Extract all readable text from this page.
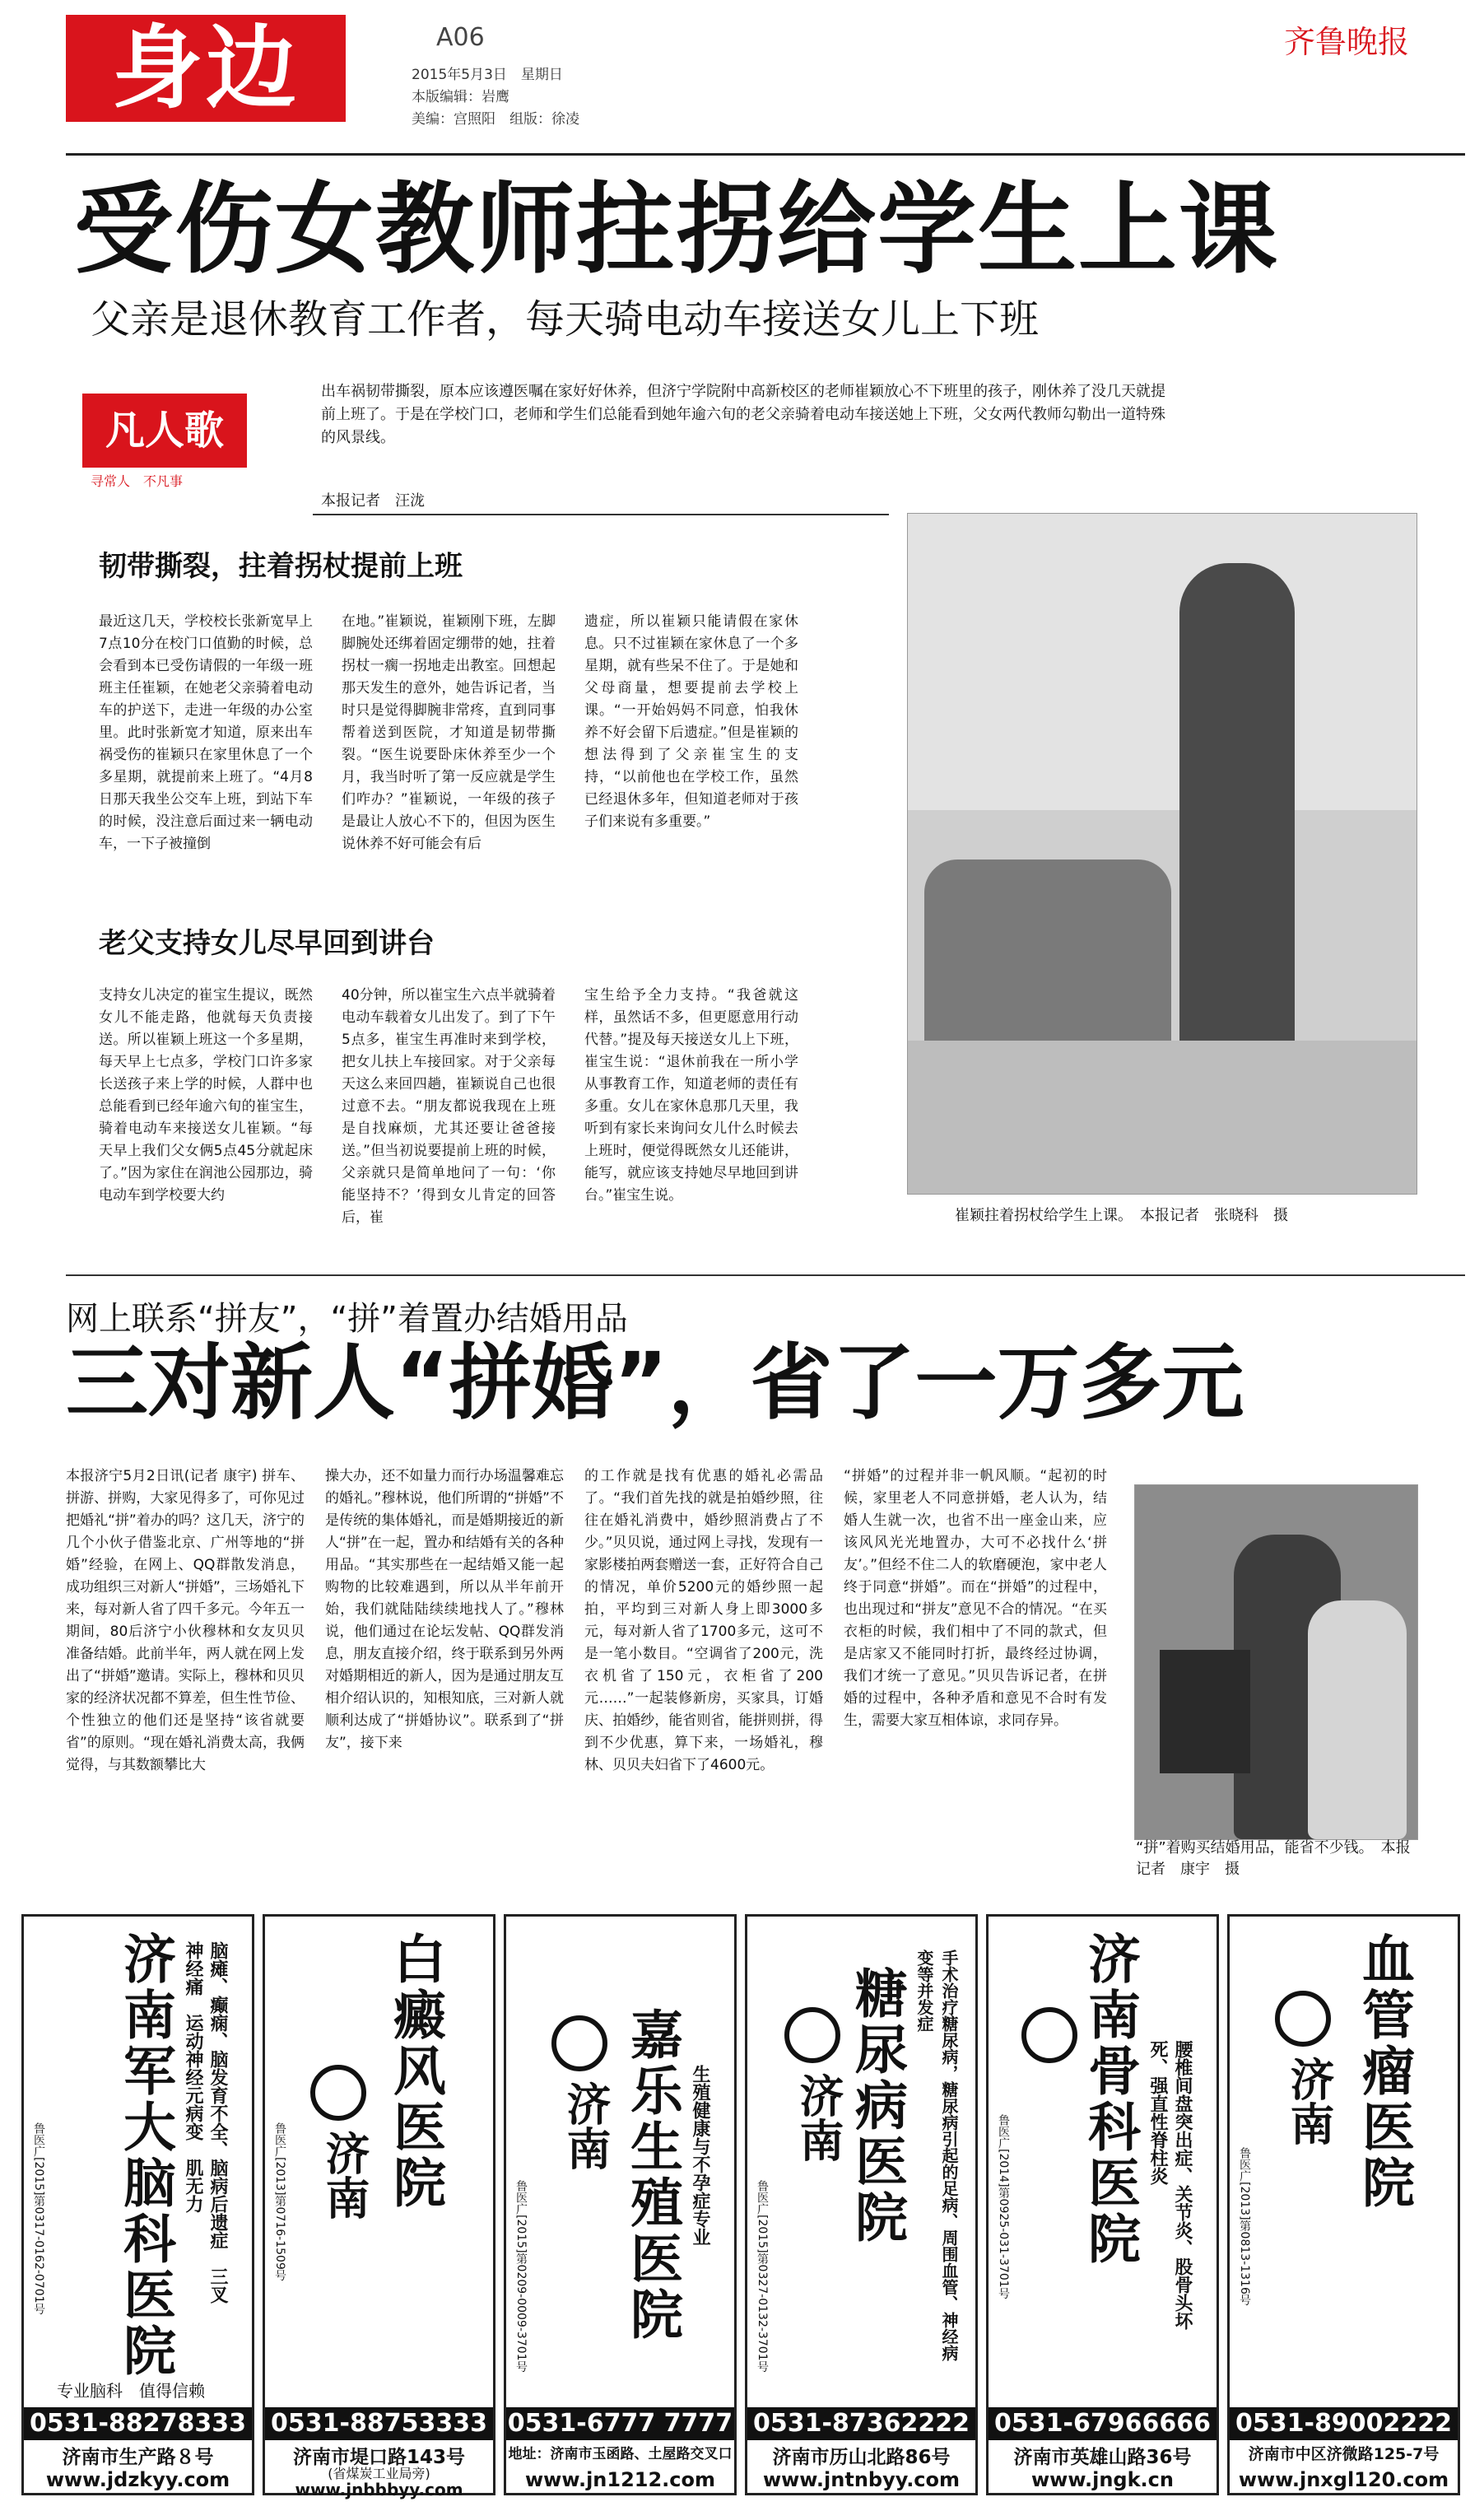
身边	A06
2015年5月3日　星期日
本版编辑：岩鹰
美编：宫照阳　组版：徐凌
齐鲁晚报
受伤女教师拄拐给学生上课
父亲是退休教育工作者，每天骑电动车接送女儿上下班
凡人歌
寻常人　不凡事
出车祸韧带撕裂，原本应该遵医嘱在家好好休养，但济宁学院附中高新校区的老师崔颖放心不下班里的孩子，刚休养了没几天就提前上班了。于是在学校门口，老师和学生们总能看到她年逾六旬的老父亲骑着电动车接送她上下班，父女两代教师勾勒出一道特殊的风景线。
本报记者　汪泷
韧带撕裂，拄着拐杖提前上班
最近这几天，学校校长张新宽早上7点10分在校门口值勤的时候，总会看到本已受伤请假的一年级一班班主任崔颖，在她老父亲骑着电动车的护送下，走进一年级的办公室里。此时张新宽才知道，原来出车祸受伤的崔颖只在家里休息了一个多星期，就提前来上班了。“4月8日那天我坐公交车上班，到站下车的时候，没注意后面过来一辆电动车，一下子被撞倒
在地。”崔颖说，崔颖刚下班，左脚脚腕处还绑着固定绷带的她，拄着拐杖一瘸一拐地走出教室。回想起那天发生的意外，她告诉记者，当时只是觉得脚腕非常疼，直到同事帮着送到医院，才知道是韧带撕裂。“医生说要卧床休养至少一个月，我当时听了第一反应就是学生们咋办？”崔颖说，一年级的孩子是最让人放心不下的，但因为医生说休养不好可能会有后
遗症，所以崔颖只能请假在家休息。只不过崔颖在家休息了一个多星期，就有些呆不住了。于是她和父母商量，想要提前去学校上课。“一开始妈妈不同意，怕我休养不好会留下后遗症。”但是崔颖的想法得到了父亲崔宝生的支持，“以前他也在学校工作，虽然已经退休多年，但知道老师对于孩子们来说有多重要。”
老父支持女儿尽早回到讲台
支持女儿决定的崔宝生提议，既然女儿不能走路，他就每天负责接送。所以崔颖上班这一个多星期，每天早上七点多，学校门口许多家长送孩子来上学的时候，人群中也总能看到已经年逾六旬的崔宝生，骑着电动车来接送女儿崔颖。“每天早上我们父女俩5点45分就起床了。”因为家住在润池公园那边，骑电动车到学校要大约
40分钟，所以崔宝生六点半就骑着电动车载着女儿出发了。到了下午5点多，崔宝生再准时来到学校，把女儿扶上车接回家。对于父亲每天这么来回四趟，崔颖说自己也很过意不去。“朋友都说我现在上班是自找麻烦，尤其还要让爸爸接送。”但当初说要提前上班的时候，父亲就只是简单地问了一句：‘你能坚持不？’得到女儿肯定的回答后，崔
宝生给予全力支持。“我爸就这样，虽然话不多，但更愿意用行动代替。”提及每天接送女儿上下班，崔宝生说：“退休前我在一所小学从事教育工作，知道老师的责任有多重。女儿在家休息那几天里，我听到有家长来询问女儿什么时候去上班时，便觉得既然女儿还能讲，能写，就应该支持她尽早地回到讲台。”崔宝生说。
崔颖拄着拐杖给学生上课。　本报记者　张晓科　摄
网上联系“拼友”，“拼”着置办结婚用品
三对新人“拼婚”，省了一万多元
本报济宁5月2日讯(记者 康宇) 拼车、拼游、拼购，大家见得多了，可你见过把婚礼“拼”着办的吗？这几天，济宁的几个小伙子借鉴北京、广州等地的“拼婚”经验，在网上、QQ群散发消息，成功组织三对新人“拼婚”，三场婚礼下来，每对新人省了四千多元。今年五一期间，80后济宁小伙穆林和女友贝贝准备结婚。此前半年，两人就在网上发出了“拼婚”邀请。实际上，穆林和贝贝家的经济状况都不算差，但生性节俭、个性独立的他们还是坚持“该省就要省”的原则。“现在婚礼消费太高，我俩觉得，与其数额攀比大
操大办，还不如量力而行办场温馨难忘的婚礼。”穆林说，他们所谓的“拼婚”不是传统的集体婚礼，而是婚期接近的新人“拼”在一起，置办和结婚有关的各种用品。“其实那些在一起结婚又能一起购物的比较难遇到，所以从半年前开始，我们就陆陆续续地找人了。”穆林说，他们通过在论坛发帖、QQ群发消息，朋友直接介绍，终于联系到另外两对婚期相近的新人，因为是通过朋友互相介绍认识的，知根知底，三对新人就顺利达成了“拼婚协议”。联系到了“拼友”，接下来
的工作就是找有优惠的婚礼必需品了。“我们首先找的就是拍婚纱照，往往在婚礼消费中，婚纱照消费占了不少。”贝贝说，通过网上寻找，发现有一家影楼拍两套赠送一套，正好符合自己的情况，单价5200元的婚纱照一起拍，平均到三对新人身上即3000多元，每对新人省了1700多元，这可不是一笔小数目。“空调省了200元，洗衣机省了150元，衣柜省了200元……”一起装修新房，买家具，订婚庆、拍婚纱，能省则省，能拼则拼，得到不少优惠，算下来，一场婚礼，穆林、贝贝夫妇省下了4600元。
“拼婚”的过程并非一帆风顺。“起初的时候，家里老人不同意拼婚，老人认为，结婚人生就一次，也省不出一座金山来，应该风风光光地置办，大可不必找什么‘拼友’。”但经不住二人的软磨硬泡，家中老人终于同意“拼婚”。而在“拼婚”的过程中，也出现过和“拼友”意见不合的情况。“在买衣柜的时候，我们相中了不同的款式，但是店家又不能同时打折，最终经过协调，我们才统一了意见。”贝贝告诉记者，在拼婚的过程中，各种矛盾和意见不合时有发生，需要大家互相体谅，求同存异。
“拼”着购买结婚用品，能省不少钱。　本报记者　康宇　摄
济南军大脑科医院	脑瘫、癫痫、脑发育不全、脑病后遗症　三叉神经痛　运动神经元病变　肌无力
鲁医广[2015]第0317-0162-0701号
专业脑科　值得信赖
0531-88278333
济南市生产路８号
www.jdzkyy.com
白癜风医院
济南
鲁医广[2013]第0716-1509号
0531-88753333
济南市堤口路143号
(省煤炭工业局旁)
www.jnbbbyy.com
嘉乐生殖医院 生殖健康与不孕症专业
济南
鲁医广[2015]第0209-0009-3701号
0531-6777 7777
地址：济南市玉函路、土屋路交叉口
www.jn1212.com
糖尿病医院	手术治疗糖尿病，糖尿病引起的足病、周围血管、神经病变等并发症
济南
鲁医广[2015]第0327-0132-3701号
0531-87362222
济南市历山北路86号
www.jntnbyy.com
济南骨科医院	腰椎间盘突出症、关节炎、股骨头坏死、强直性脊柱炎
鲁医广[2014]第0925-031-3701号
0531-67966666
济南市英雄山路36号
www.jngk.cn
血管瘤医院
济南
鲁医广[2013]第0813-1316号
0531-89002222
济南市中区济微路125-7号
www.jnxgl120.com
